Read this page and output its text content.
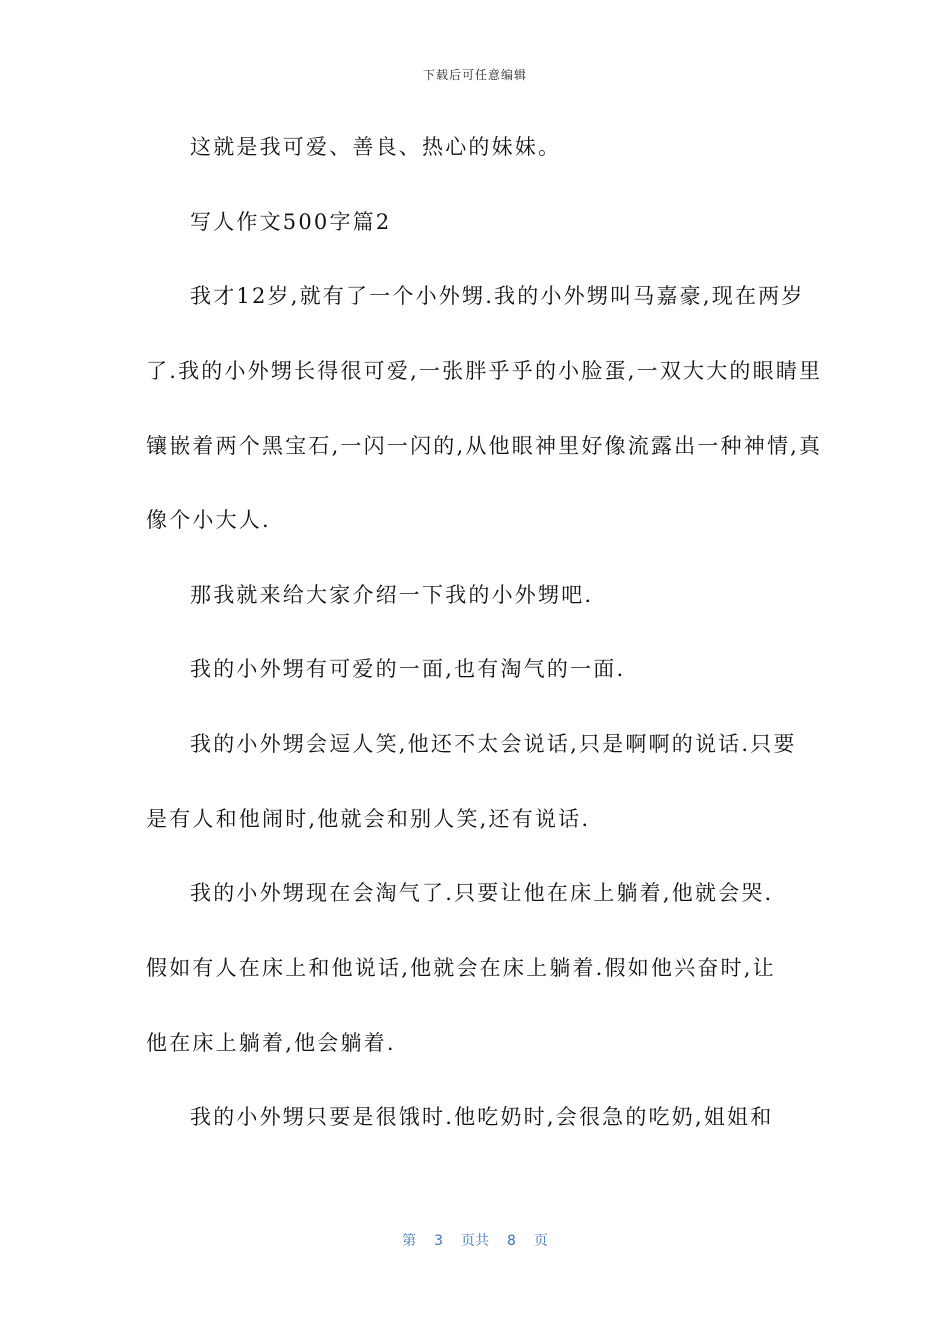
下载后可任意编辑
这就是我可爱、善良、热心的妹妹。
写人作文500字篇2
我才12岁,就有了一个小外甥.我的小外甥叫马嘉豪,现在两岁
了.我的小外甥长得很可爱,一张胖乎乎的小脸蛋,一双大大的眼睛里
镶嵌着两个黑宝石,一闪一闪的,从他眼神里好像流露出一种神情,真
像个小大人.
那我就来给大家介绍一下我的小外甥吧.
我的小外甥有可爱的一面,也有淘气的一面.
我的小外甥会逗人笑,他还不太会说话,只是啊啊的说话.只要
是有人和他闹时,他就会和别人笑,还有说话.
我的小外甥现在会淘气了.只要让他在床上躺着,他就会哭.
假如有人在床上和他说话,他就会在床上躺着.假如他兴奋时,让
他在床上躺着,他会躺着.
我的小外甥只要是很饿时.他吃奶时,会很急的吃奶,姐姐和
第 3 页共 8 页
